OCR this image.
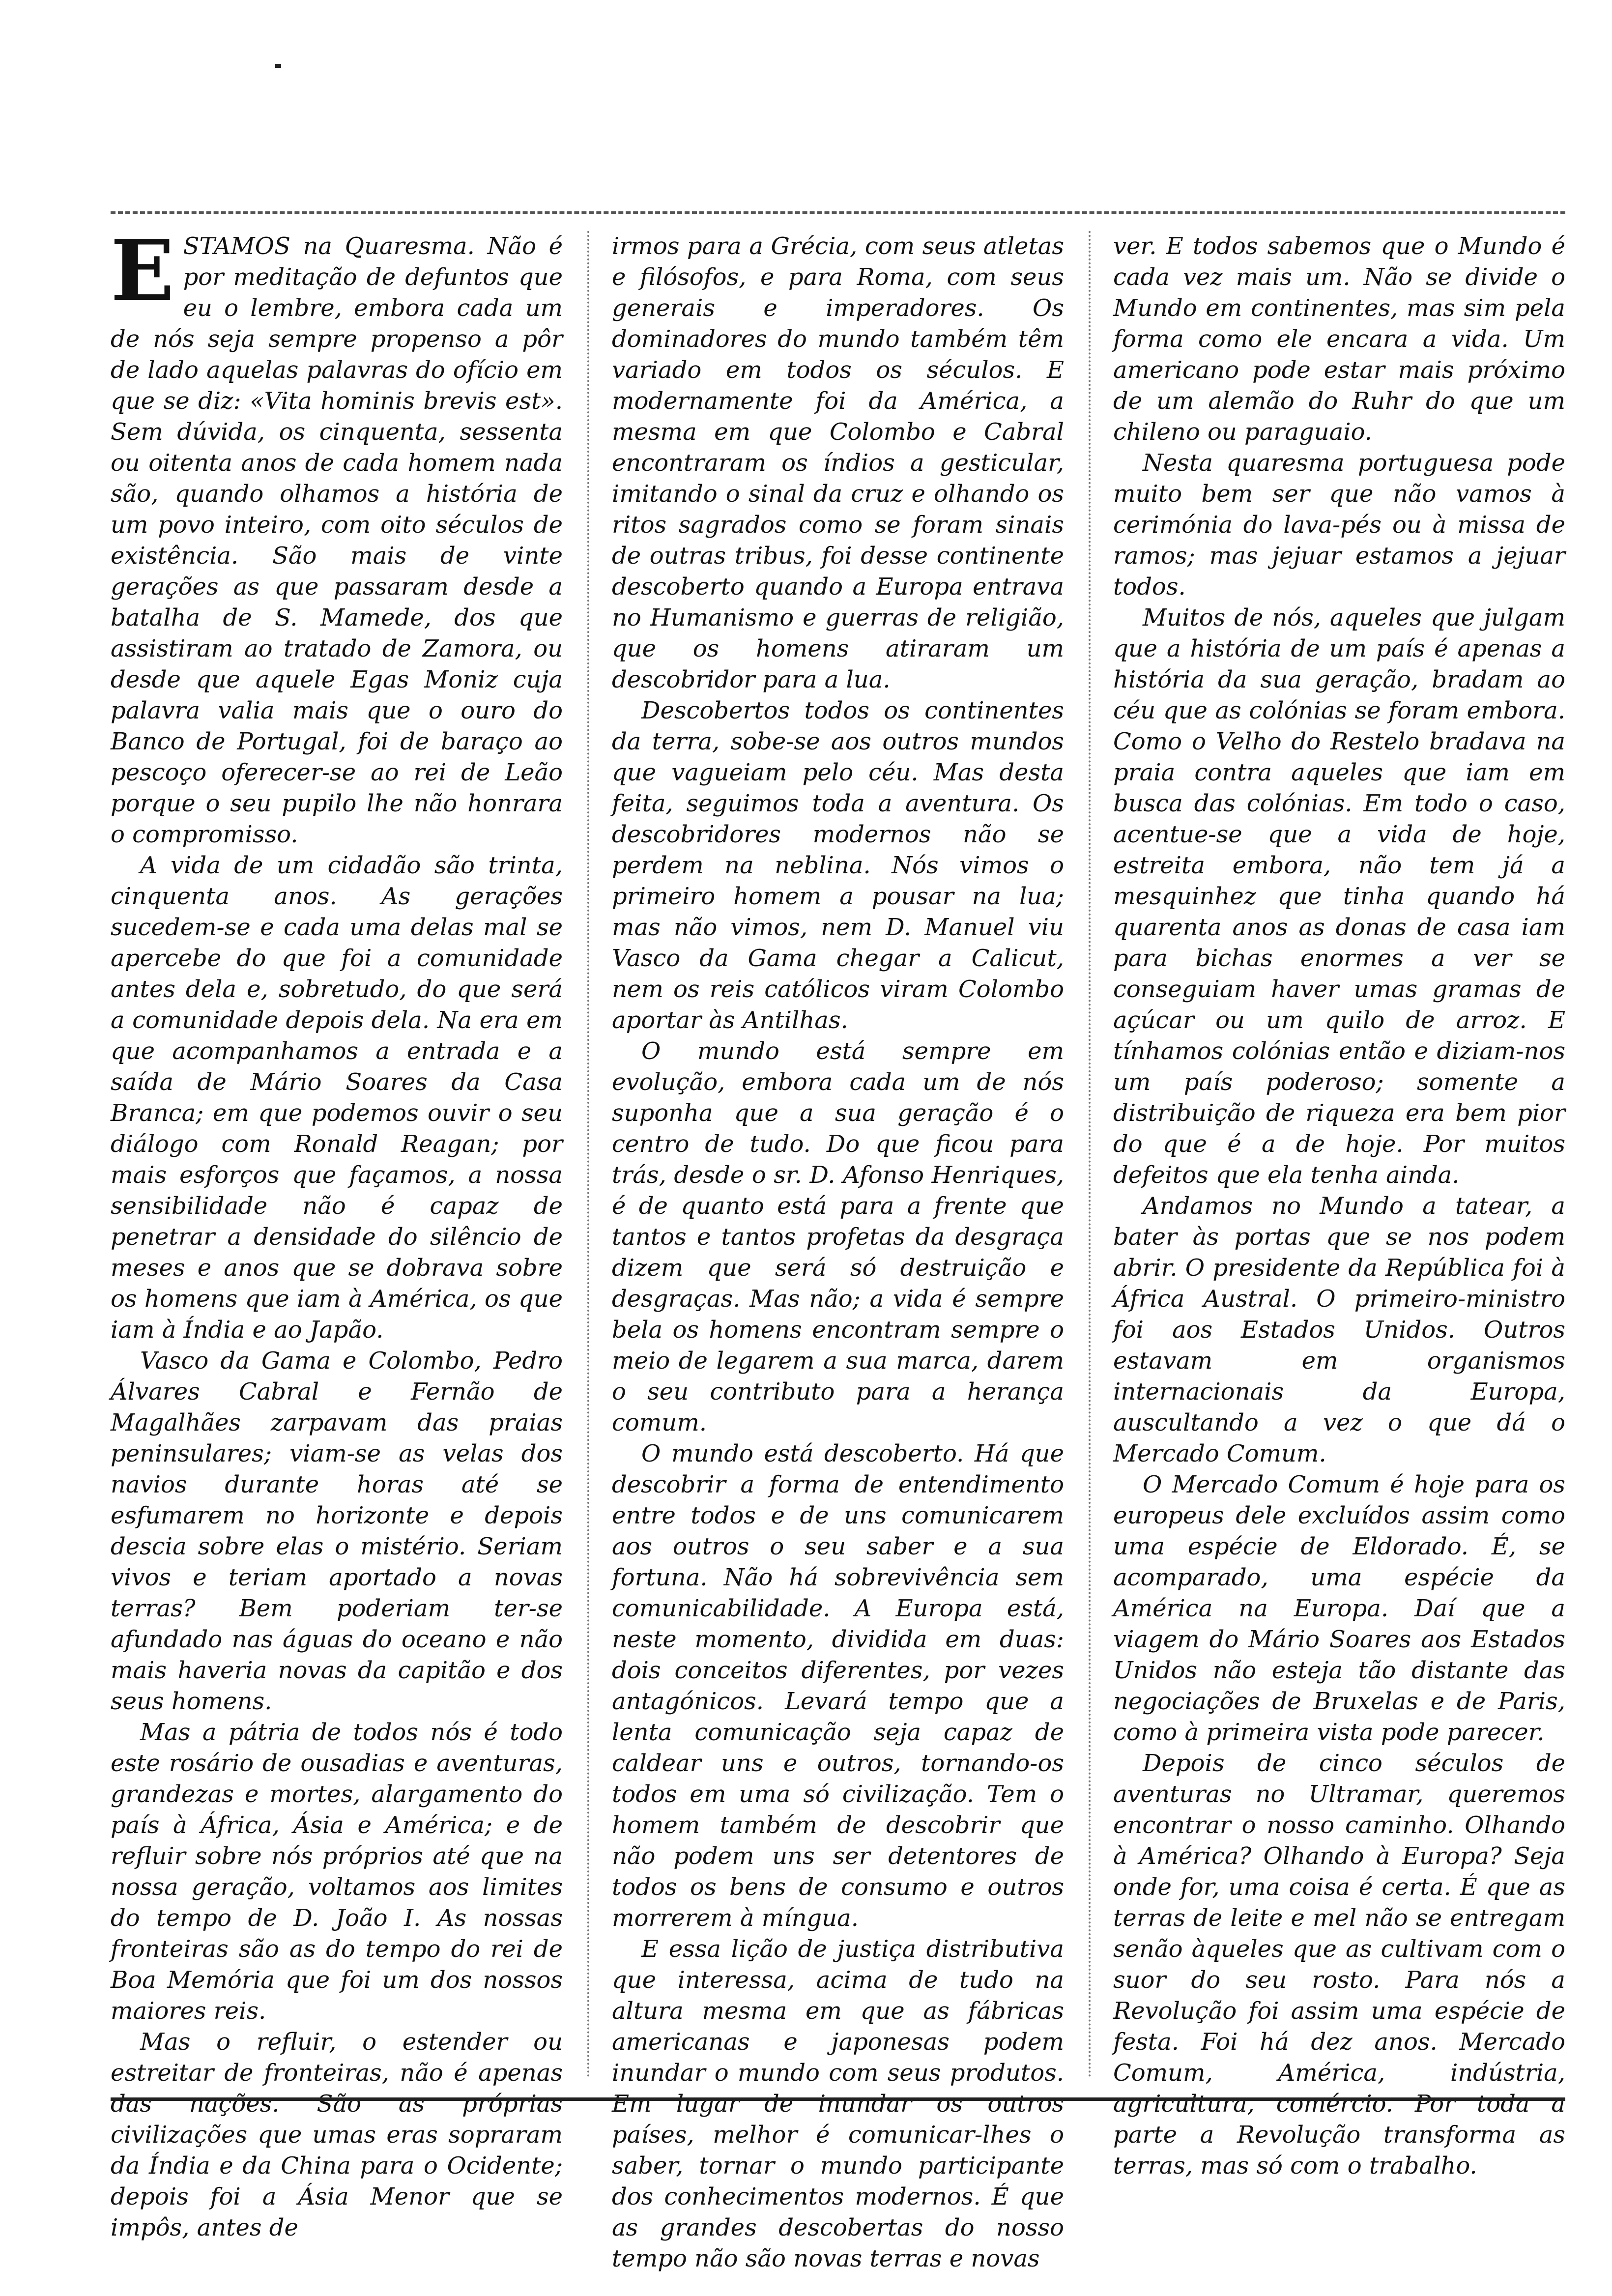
E STAMOS na Quaresma. Não é por meditação de defuntos que eu o lembre, embora cada um de nós seja sempre propenso a pôr de lado aquelas palavras do ofício em que se diz: «Vita hominis brevis est». Sem dúvida, os cinquenta, sessenta ou oitenta anos de cada homem nada são, quando olhamos a história de um povo inteiro, com oito séculos de existência. São mais de vinte gerações as que passaram desde a batalha de S. Mamede, dos que assistiram ao tratado de Zamora, ou desde que aquele Egas Moniz cuja palavra valia mais que o ouro do Banco de Portugal, foi de baraço ao pescoço oferecer-se ao rei de Leão porque o seu pupilo lhe não honrara o compromisso.

A vida de um cidadão são trinta, cinquenta anos. As gerações sucedem-se e cada uma delas mal se apercebe do que foi a comunidade antes dela e, sobretudo, do que será a comunidade depois dela. Na era em que acompanhamos a entrada e a saída de Mário Soares da Casa Branca; em que podemos ouvir o seu diálogo com Ronald Reagan; por mais esforços que façamos, a nossa sensibilidade não é capaz de penetrar a densidade do silêncio de meses e anos que se dobrava sobre os homens que iam à América, os que iam à Índia e ao Japão.

Vasco da Gama e Colombo, Pedro Álvares Cabral e Fernão de Magalhães zarpavam das praias peninsulares; viam-se as velas dos navios durante horas até se esfumarem no horizonte e depois descia sobre elas o mistério. Seriam vivos e teriam aportado a novas terras? Bem poderiam ter-se afundado nas águas do oceano e não mais haveria novas da capitão e dos seus homens.

Mas a pátria de todos nós é todo este rosário de ousadias e aventuras, grandezas e mortes, alargamento do país à África, Ásia e América; e de refluir sobre nós próprios até que na nossa geração, voltamos aos limites do tempo de D. João I. As nossas fronteiras são as do tempo do rei de Boa Memória que foi um dos nossos maiores reis.

Mas o refluir, o estender ou estreitar de fronteiras, não é apenas das nações. São as próprias civilizações que umas eras sopraram da Índia e da China para o Ocidente; depois foi a Ásia Menor que se impôs, antes de

irmos para a Grécia, com seus atletas e filósofos, e para Roma, com seus generais e imperadores. Os dominadores do mundo também têm variado em todos os séculos. E modernamente foi da América, a mesma em que Colombo e Cabral encontraram os índios a gesticular, imitando o sinal da cruz e olhando os ritos sagrados como se foram sinais de outras tribus, foi desse continente descoberto quando a Europa entrava no Humanismo e guerras de religião, que os homens atiraram um descobridor para a lua.

Descobertos todos os continentes da terra, sobe-se aos outros mundos que vagueiam pelo céu. Mas desta feita, seguimos toda a aventura. Os descobridores modernos não se perdem na neblina. Nós vimos o primeiro homem a pousar na lua; mas não vimos, nem D. Manuel viu Vasco da Gama chegar a Calicut, nem os reis católicos viram Colombo aportar às Antilhas.

O mundo está sempre em evolução, embora cada um de nós suponha que a sua geração é o centro de tudo. Do que ficou para trás, desde o sr. D. Afonso Henriques, é de quanto está para a frente que tantos e tantos profetas da desgraça dizem que será só destruição e desgraças. Mas não; a vida é sempre bela os homens encontram sempre o meio de legarem a sua marca, darem o seu contributo para a herança comum.

O mundo está descoberto. Há que descobrir a forma de entendimento entre todos e de uns comunicarem aos outros o seu saber e a sua fortuna. Não há sobrevivência sem comunicabilidade. A Europa está, neste momento, dividida em duas: dois conceitos diferentes, por vezes antagónicos. Levará tempo que a lenta comunicação seja capaz de caldear uns e outros, tornando-os todos em uma só civilização. Tem o homem também de descobrir que não podem uns ser detentores de todos os bens de consumo e outros morrerem à míngua.

E essa lição de justiça distributiva que interessa, acima de tudo na altura mesma em que as fábricas americanas e japonesas podem inundar o mundo com seus produtos. Em lugar de inundar os outros países, melhor é comunicar-lhes o saber, tornar o mundo participante dos conhecimentos modernos. É que as grandes descobertas do nosso tempo não são novas terras e novas

ver. E todos sabemos que o Mundo é cada vez mais um. Não se divide o Mundo em continentes, mas sim pela forma como ele encara a vida. Um americano pode estar mais próximo de um alemão do Ruhr do que um chileno ou paraguaio.

Nesta quaresma portuguesa pode muito bem ser que não vamos à cerimónia do lava-pés ou à missa de ramos; mas jejuar estamos a jejuar todos.

Muitos de nós, aqueles que julgam que a história de um país é apenas a história da sua geração, bradam ao céu que as colónias se foram embora. Como o Velho do Restelo bradava na praia contra aqueles que iam em busca das colónias. Em todo o caso, acentue-se que a vida de hoje, estreita embora, não tem já a mesquinhez que tinha quando há quarenta anos as donas de casa iam para bichas enormes a ver se conseguiam haver umas gramas de açúcar ou um quilo de arroz. E tínhamos colónias então e diziam-nos um país poderoso; somente a distribuição de riqueza era bem pior do que é a de hoje. Por muitos defeitos que ela tenha ainda.

Andamos no Mundo a tatear, a bater às portas que se nos podem abrir. O presidente da República foi à África Austral. O primeiro-ministro foi aos Estados Unidos. Outros estavam em organismos internacionais da Europa, auscultando a vez o que dá o Mercado Comum.

O Mercado Comum é hoje para os europeus dele excluídos assim como uma espécie de Eldorado. É, se acomparado, uma espécie da América na Europa. Daí que a viagem do Mário Soares aos Estados Unidos não esteja tão distante das negociações de Bruxelas e de Paris, como à primeira vista pode parecer.

Depois de cinco séculos de aventuras no Ultramar, queremos encontrar o nosso caminho. Olhando à América? Olhando à Europa? Seja onde for, uma coisa é certa. É que as terras de leite e mel não se entregam senão àqueles que as cultivam com o suor do seu rosto. Para nós a Revolução foi assim uma espécie de festa. Foi há dez anos. Mercado Comum, América, indústria, agricultura, comércio. Por toda a parte a Revolução transforma as terras, mas só com o trabalho.
